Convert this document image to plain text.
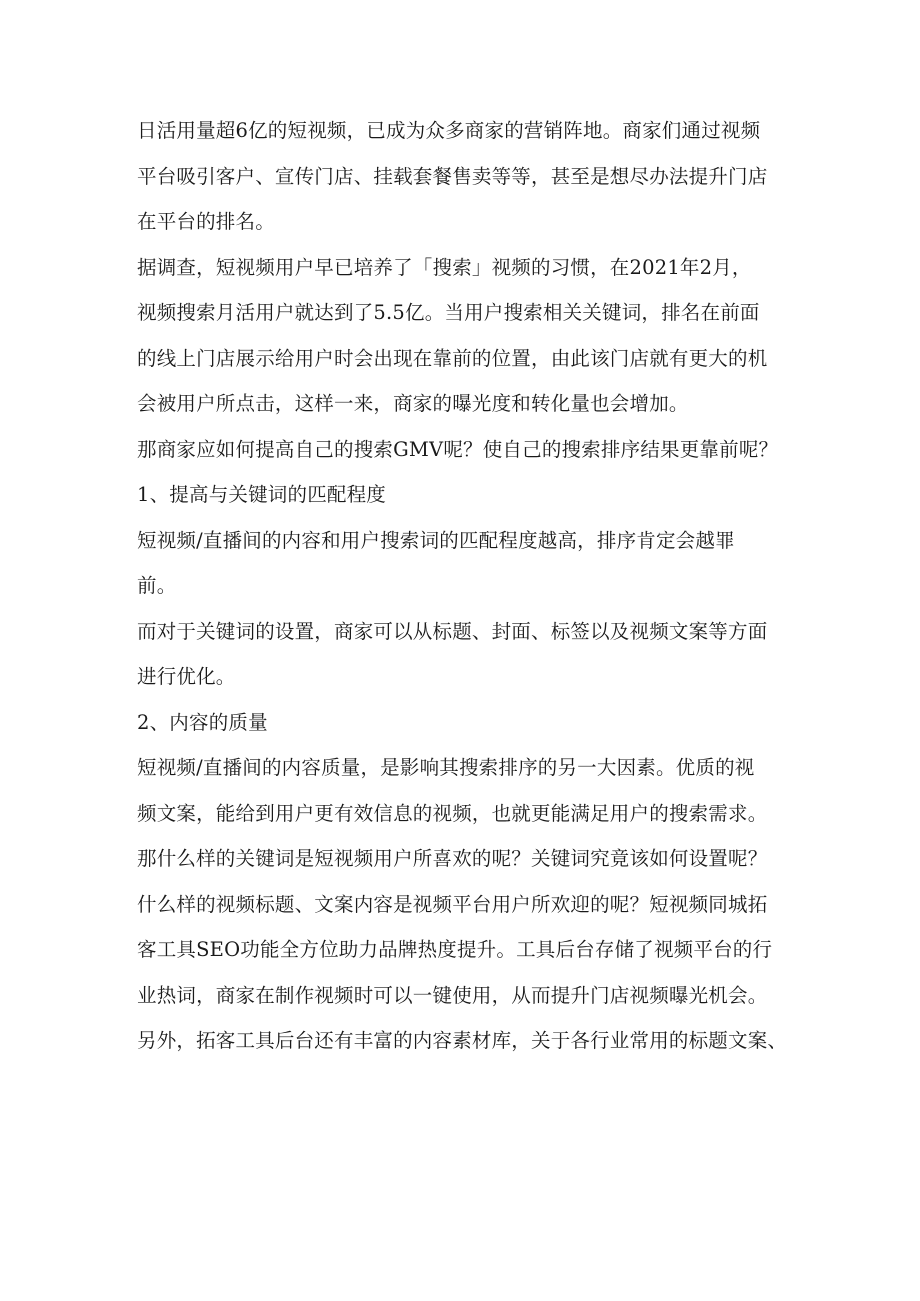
日活用量超6亿的短视频，已成为众多商家的营销阵地。商家们通过视频
平台吸引客户、宣传门店、挂载套餐售卖等等，甚至是想尽办法提升门店
在平台的排名。
据调查，短视频用户早已培养了「搜索」视频的习惯，在2021年2月，
视频搜索月活用户就达到了5.5亿。当用户搜索相关关键词，排名在前面
的线上门店展示给用户时会出现在靠前的位置，由此该门店就有更大的机
会被用户所点击，这样一来，商家的曝光度和转化量也会增加。
那商家应如何提高自己的搜索GMV呢？使自己的搜索排序结果更靠前呢？
1、提高与关键词的匹配程度
短视频/直播间的内容和用户搜索词的匹配程度越高，排序肯定会越罪
前。
而对于关键词的设置，商家可以从标题、封面、标签以及视频文案等方面
进行优化。
2、内容的质量
短视频/直播间的内容质量，是影响其搜索排序的另一大因素。优质的视
频文案，能给到用户更有效信息的视频，也就更能满足用户的搜索需求。
那什么样的关键词是短视频用户所喜欢的呢？关键词究竟该如何设置呢？
什么样的视频标题、文案内容是视频平台用户所欢迎的呢？短视频同城拓
客工具SEO功能全方位助力品牌热度提升。工具后台存储了视频平台的行
业热词，商家在制作视频时可以一键使用，从而提升门店视频曝光机会。
另外，拓客工具后台还有丰富的内容素材库，关于各行业常用的标题文案、
